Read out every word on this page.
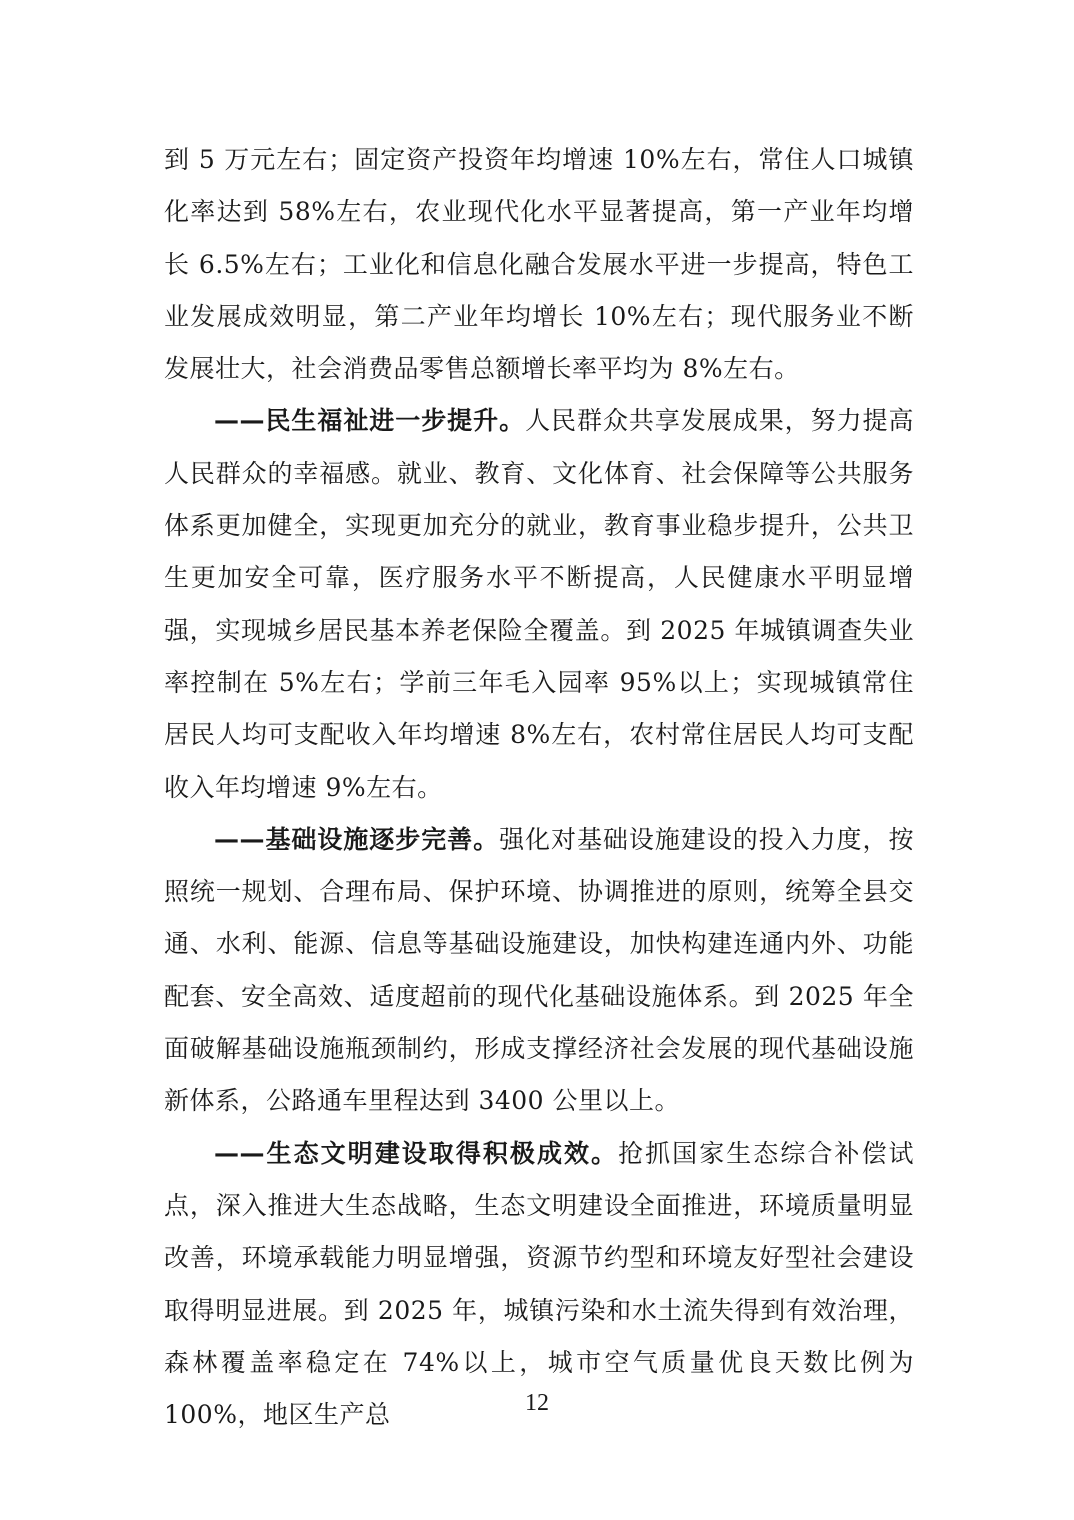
到 5 万元左右；固定资产投资年均增速 10%左右，常住人口城镇化率达到 58%左右，农业现代化水平显著提高，第一产业年均增长 6.5%左右；工业化和信息化融合发展水平进一步提高，特色工业发展成效明显，第二产业年均增长 10%左右；现代服务业不断发展壮大，社会消费品零售总额增长率平均为 8%左右。

——民生福祉进一步提升。人民群众共享发展成果，努力提高人民群众的幸福感。就业、教育、文化体育、社会保障等公共服务体系更加健全，实现更加充分的就业，教育事业稳步提升，公共卫生更加安全可靠，医疗服务水平不断提高，人民健康水平明显增强，实现城乡居民基本养老保险全覆盖。到 2025 年城镇调查失业率控制在 5%左右；学前三年毛入园率 95%以上；实现城镇常住居民人均可支配收入年均增速 8%左右，农村常住居民人均可支配收入年均增速 9%左右。

——基础设施逐步完善。强化对基础设施建设的投入力度，按照统一规划、合理布局、保护环境、协调推进的原则，统筹全县交通、水利、能源、信息等基础设施建设，加快构建连通内外、功能配套、安全高效、适度超前的现代化基础设施体系。到 2025 年全面破解基础设施瓶颈制约，形成支撑经济社会发展的现代基础设施新体系，公路通车里程达到 3400 公里以上。

——生态文明建设取得积极成效。抢抓国家生态综合补偿试点，深入推进大生态战略，生态文明建设全面推进，环境质量明显改善，环境承载能力明显增强，资源节约型和环境友好型社会建设取得明显进展。到 2025 年，城镇污染和水土流失得到有效治理，森林覆盖率稳定在 74%以上，城市空气质量优良天数比例为 100%，地区生产总	12
